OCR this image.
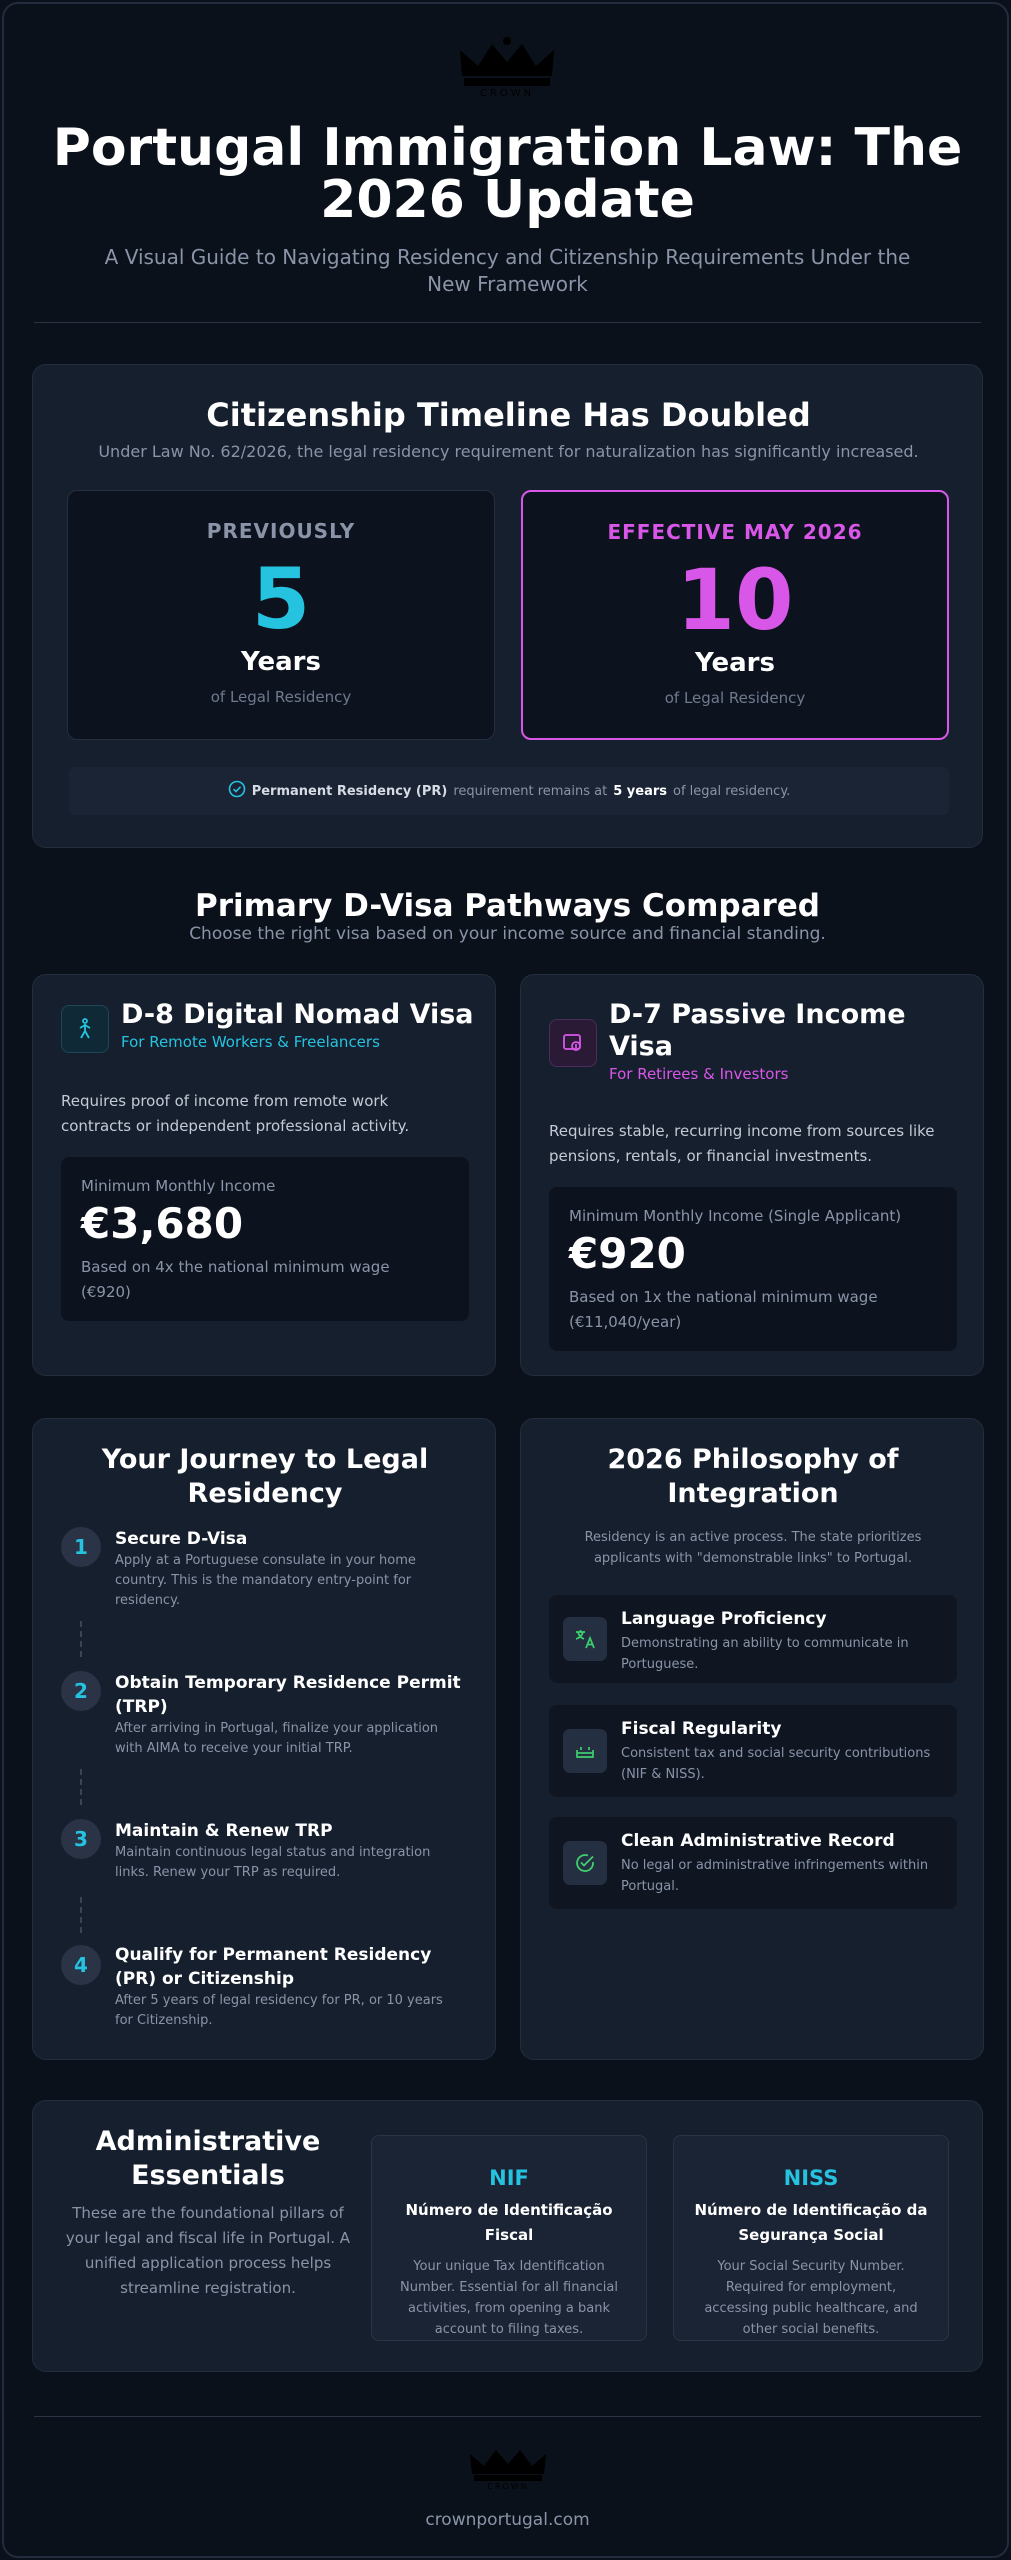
CROWN
Portugal Immigration Law: The 2026 Update
A Visual Guide to Navigating Residency and Citizenship Requirements Under the New Framework
Citizenship Timeline Has Doubled
Under Law No. 62/2026, the legal residency requirement for naturalization has significantly increased.
PREVIOUSLY
5
Years
of Legal Residency
EFFECTIVE MAY 2026
10
Years
of Legal Residency
Permanent Residency (PR) requirement remains at 5 years of legal residency.
Primary D-Visa Pathways Compared
Choose the right visa based on your income source and financial standing.
D-8 Digital Nomad Visa
For Remote Workers & Freelancers
Requires proof of income from remote work contracts or independent professional activity.
Minimum Monthly Income
€3,680
Based on 4x the national minimum wage (€920)
D-7 Passive Income Visa
For Retirees & Investors
Requires stable, recurring income from sources like pensions, rentals, or financial investments.
Minimum Monthly Income (Single Applicant)
€920
Based on 1x the national minimum wage (€11,040/year)
Your Journey to Legal Residency
1	Secure D-Visa
Apply at a Portuguese consulate in your home country. This is the mandatory entry-point for residency.
2	Obtain Temporary Residence Permit (TRP)
After arriving in Portugal, finalize your application with AIMA to receive your initial TRP.
3	Maintain & Renew TRP
Maintain continuous legal status and integration links. Renew your TRP as required.
4	Qualify for Permanent Residency (PR) or Citizenship
After 5 years of legal residency for PR, or 10 years for Citizenship.
2026 Philosophy of Integration
Residency is an active process. The state prioritizes applicants with "demonstrable links" to Portugal.
Language Proficiency
Demonstrating an ability to communicate in Portuguese.
Fiscal Regularity
Consistent tax and social security contributions (NIF & NISS).
Clean Administrative Record
No legal or administrative infringements within Portugal.
Administrative Essentials
These are the foundational pillars of your legal and fiscal life in Portugal. A unified application process helps streamline registration.
NIF
Número de Identificação Fiscal
Your unique Tax Identification Number. Essential for all financial activities, from opening a bank account to filing taxes.
NISS
Número de Identificação da Segurança Social
Your Social Security Number. Required for employment, accessing public healthcare, and other social benefits.
CROWN
crownportugal.com
